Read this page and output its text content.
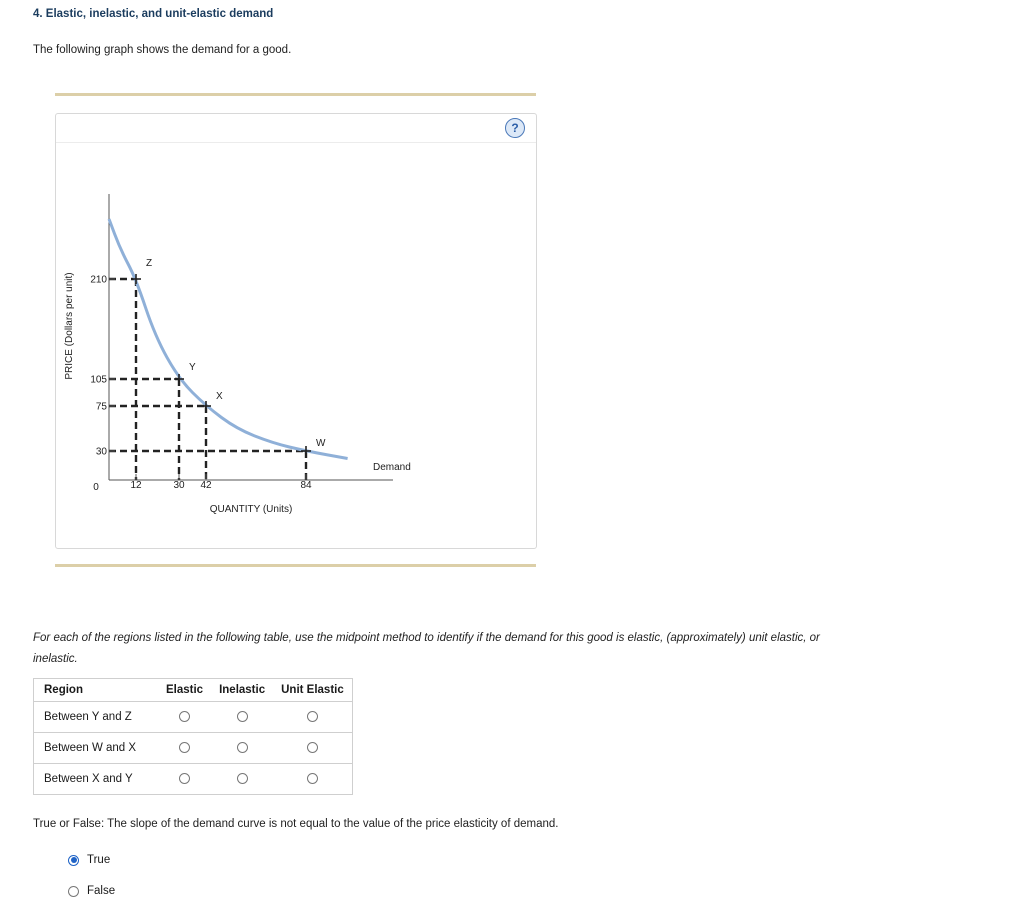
4. Elastic, inelastic, and unit-elastic demand
The following graph shows the demand for a good.
?
Z
Y
X
W
Demand
210
105
75
30
0	12	30 42	84
QUANTITY (Units)
PRICE (Dollars per unit)
For each of the regions listed in the following table, use the midpoint method to identify if the demand for this good is elastic, (approximately) unit elastic, or inelastic.
Region	Elastic	Inelastic	Unit Elastic
Between Y and Z			
Between W and X			
Between X and Y			
True or False: The slope of the demand curve is not equal to the value of the price elasticity of demand.
True
False
